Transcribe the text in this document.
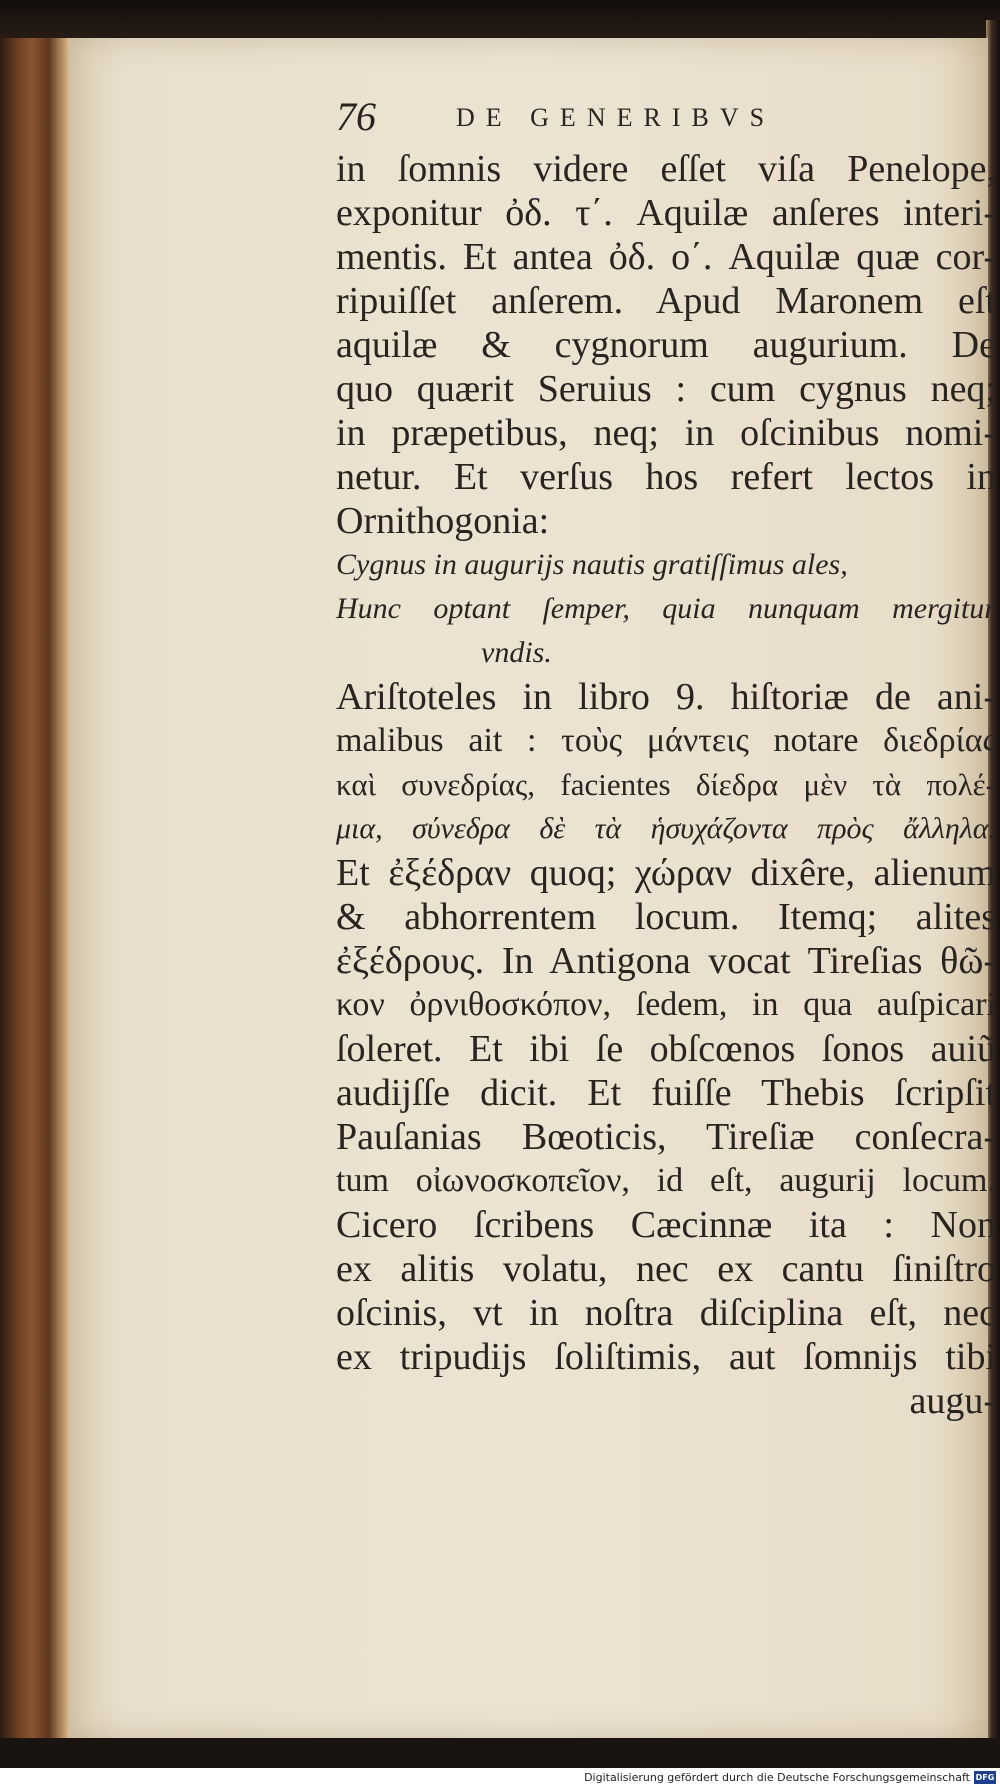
76	DE GENERIBVS
in ſomnis videre eſſet viſa Penelope,
exponitur ὀδ. τ΄. Aquilæ anſeres interi-
mentis. Et antea ὀδ. ο΄. Aquilæ quæ cor-
ripuiſſet anſerem. Apud Maronem eſt
aquilæ & cygnorum augurium. De
quo quærit Seruius : cum cygnus neq;
in præpetibus, neq; in oſcinibus nomi-
netur. Et verſus hos refert lectos in
Ornithogonia:
Cygnus in augurijs nautis gratiſſimus ales,
Hunc optant ſemper, quia nunquam mergitur
vndis.
Ariſtoteles in libro 9. hiſtoriæ de ani-
malibus ait : τοὺς μάντεις notare διεδρίας
καὶ συνεδρίας, facientes δίεδρα μὲν τὰ πολέ-
μια, σύνεδρα δὲ τὰ ἡσυχάζοντα πρὸς ἄλληλα.
Et ἐξέδραν quoq; χώραν dixêre, alienum
& abhorrentem locum. Itemq; alites
ἐξέδρους. In Antigona vocat Tireſias θῶ-
κον ὀρνιθοσκόπον, ſedem, in qua auſpicari
ſoleret. Et ibi ſe obſcœnos ſonos auiũ
audijſſe dicit. Et fuiſſe Thebis ſcripſit
Pauſanias Bœoticis, Tireſiæ conſecra-
tum οἰωνοσκοπεῖον, id eſt, augurij locum.
Cicero ſcribens Cæcinnæ ita : Non
ex alitis volatu, nec ex cantu ſiniſtro
oſcinis, vt in noſtra diſciplina eſt, nec
ex tripudijs ſoliſtimis, aut ſomnijs tibi
augu-
Digitalisierung gefördert durch die Deutsche Forschungsgemeinschaft DFG
